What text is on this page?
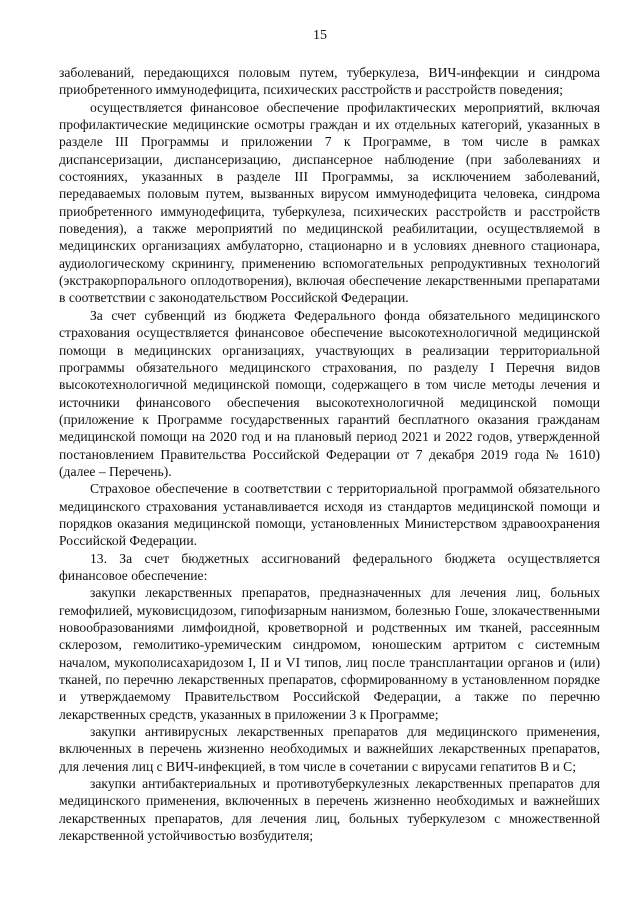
15

заболеваний, передающихся половым путем, туберкулеза, ВИЧ-инфекции и синдрома приобретенного иммунодефицита, психических расстройств и расстройств поведения;

осуществляется финансовое обеспечение профилактических мероприятий, включая профилактические медицинские осмотры граждан и их отдельных категорий, указанных в разделе III Программы и приложении 7 к Программе, в том числе в рамках диспансеризации, диспансеризацию, диспансерное наблюдение (при заболеваниях и состояниях, указанных в разделе III Программы, за исключением заболеваний, передаваемых половым путем, вызванных вирусом иммунодефицита человека, синдрома приобретенного иммунодефицита, туберкулеза, психических расстройств и расстройств поведения), а также мероприятий по медицинской реабилитации, осуществляемой в медицинских организациях амбулаторно, стационарно и в условиях дневного стационара, аудиологическому скринингу, применению вспомогательных репродуктивных технологий (экстракорпорального оплодотворения), включая обеспечение лекарственными препаратами в соответствии с законодательством Российской Федерации.

За счет субвенций из бюджета Федерального фонда обязательного медицинского страхования осуществляется финансовое обеспечение высокотехнологичной медицинской помощи в медицинских организациях, участвующих в реализации территориальной программы обязательного медицинского страхования, по разделу I Перечня видов высокотехнологичной медицинской помощи, содержащего в том числе методы лечения и источники финансового обеспечения высокотехнологичной медицинской помощи (приложение к Программе государственных гарантий бесплатного оказания гражданам медицинской помощи на 2020 год и на плановый период 2021 и 2022 годов, утвержденной постановлением Правительства Российской Федерации от 7 декабря 2019 года № 1610) (далее – Перечень).

Страховое обеспечение в соответствии с территориальной программой обязательного медицинского страхования устанавливается исходя из стандартов медицинской помощи и порядков оказания медицинской помощи, установленных Министерством здравоохранения Российской Федерации.

13. За счет бюджетных ассигнований федерального бюджета осуществляется финансовое обеспечение:

закупки лекарственных препаратов, предназначенных для лечения лиц, больных гемофилией, муковисцидозом, гипофизарным нанизмом, болезнью Гоше, злокачественными новообразованиями лимфоидной, кроветворной и родственных им тканей, рассеянным склерозом, гемолитико-уремическим синдромом, юношеским артритом с системным началом, мукополисахаридозом I, II и VI типов, лиц после трансплантации органов и (или) тканей, по перечню лекарственных препаратов, сформированному в установленном порядке и утверждаемому Правительством Российской Федерации, а также по перечню лекарственных средств, указанных в приложении 3 к Программе;

закупки антивирусных лекарственных препаратов для медицинского применения, включенных в перечень жизненно необходимых и важнейших лекарственных препаратов, для лечения лиц с ВИЧ-инфекцией, в том числе в сочетании с вирусами гепатитов B и C;

закупки антибактериальных и противотуберкулезных лекарственных препаратов для медицинского применения, включенных в перечень жизненно необходимых и важнейших лекарственных препаратов, для лечения лиц, больных туберкулезом с множественной лекарственной устойчивостью возбудителя;
